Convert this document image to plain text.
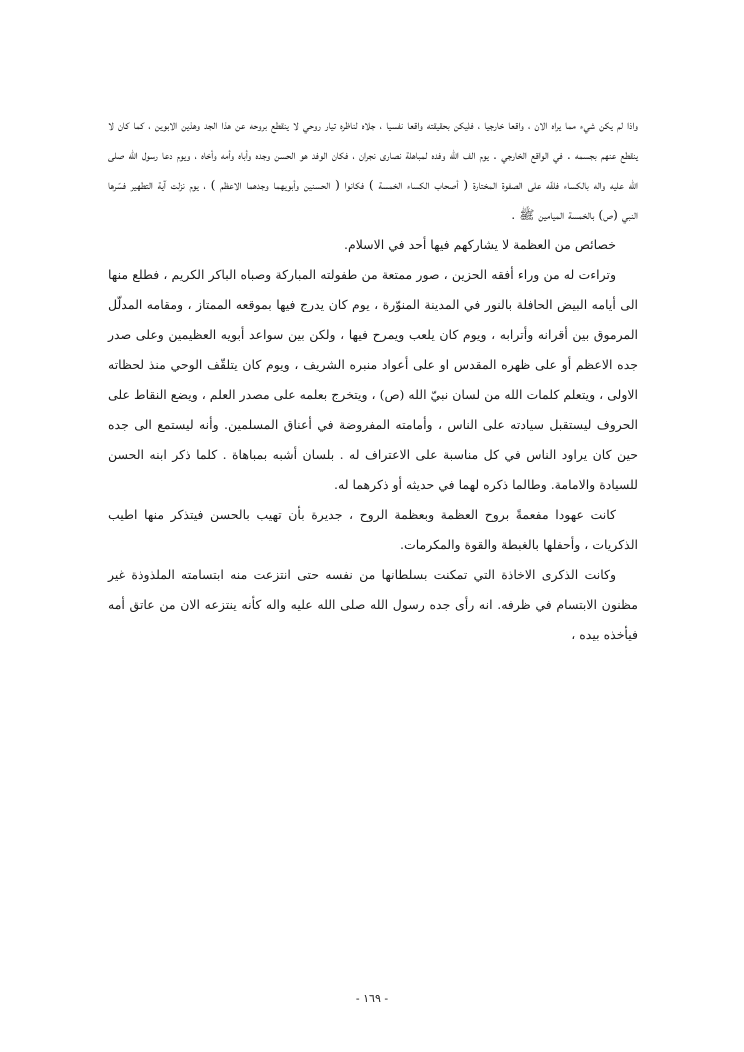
واذا لم يكن شيء مما يراه الان ، واقعا خارجيا ، فليكن بحقيقته واقعا نفسيا ، جلاه لناظره تيار روحي لا ينقطع بروحه عن هذا الجد وهذين الابوين ، كما كان لا ينقطع عنهم بجسمه . في الواقع الخارجي . يوم الف الله وفده لمباهلة نصارى نجران ، فكان الوفد هو الحسن وجده وأباه وأمه وأخاه ، ويوم دعا رسول الله صلى الله عليه واله بالكساء فلفّه على الصفوة المختارة ( أصحاب الكساء الخمسة ) فكانوا ( الحسنين وأبويهما وجدهما الاعظم ) ، يوم نزلت آية التطهير فسّرها النبي (ص) بالخمسة الميامين ﷺ .

خصائص من العظمة لا يشاركهم فيها أحد في الاسلام.

وتراءت له من وراء أفقه الحزين ، صور ممتعة من طفولته المباركة وصباه الباكر الكريم ، فطلع منها الى أيامه البيض الحافلة بالنور في المدينة المنوّرة ، يوم كان يدرج فيها بموقعه الممتاز ، ومقامه المدلّل المرموق بين أقرانه وأترابه ، ويوم كان يلعب ويمرح فيها ، ولكن بين سواعد أبويه العظيمين وعلى صدر جده الاعظم أو على ظهره المقدس او على أعواد منبره الشريف ، ويوم كان يتلقّف الوحي منذ لحظاته الاولى ، ويتعلم كلمات الله من لسان نبيّ الله (ص) ، ويتخرج بعلمه على مصدر العلم ، ويضع النقاط على الحروف ليستقبل سيادته على الناس ، وأمامته المفروضة في أعناق المسلمين. وأنه ليستمع الى جده حين كان يراود الناس في كل مناسبة على الاعتراف له . بلسان أشبه بمباهاة . كلما ذكر ابنه الحسن للسيادة والامامة. وطالما ذكره لهما في حديثه أو ذكرهما له.

كانت عهودا مفعمةً بروح العظمة وبعظمة الروح ، جديرة بأن تهيب بالحسن فيتذكر منها اطيب الذكريات ، وأحفلها بالغبطة والقوة والمكرمات.

وكانت الذكرى الاخاذة التي تمكنت بسلطانها من نفسه حتى انتزعت منه ابتسامته الملذوذة غير مظنون الابتسام في ظرفه. انه رأى جده رسول الله صلى الله عليه واله كأنه ينتزعه الان من عاتق أمه فيأخذه بيده ،

- ١٦٩ -
